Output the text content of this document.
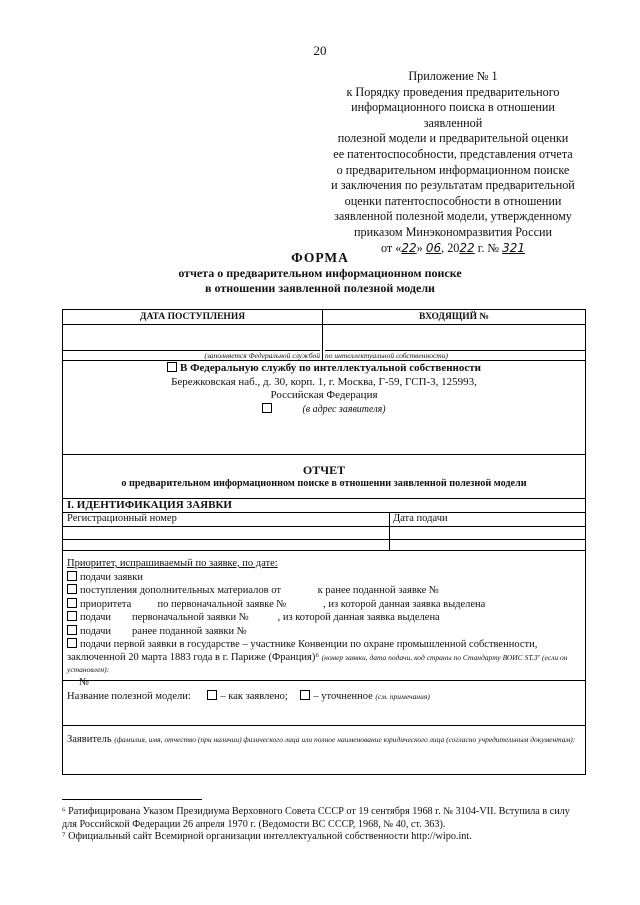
20
Приложение № 1
к Порядку проведения предварительного
информационного поиска в отношении заявленной
полезной модели и предварительной оценки
ее патентоспособности, представления отчета
о предварительном информационном поиске
и заключения по результатам предварительной
оценки патентоспособности в отношении
заявленной полезной модели, утвержденному
приказом Минэкономразвития России
от «22» 06, 2022 г. № 321
ФОРМА
отчета о предварительном информационном поиске
в отношении заявленной полезной модели
ДАТА ПОСТУПЛЕНИЯ	ВХОДЯЩИЙ №
(заполняется Федеральной службой по интеллектуальной собственности)
В Федеральную службу по интеллектуальной собственности
Бережковская наб., д. 30, корп. 1, г. Москва, Г-59, ГСП-3, 125993,
Российская Федерация
(в адрес заявителя)
ОТЧЕТ
о предварительном информационном поиске в отношении заявленной полезной модели
I. ИДЕНТИФИКАЦИЯ ЗАЯВКИ
Регистрационный номер	Дата подачи
Приоритет, испрашиваемый по заявке, по дате:
подачи заявки
поступления дополнительных материалов от              к ранее поданной заявке №
приоритета          по первоначальной заявке №              , из которой данная заявка выделена
подачи        первоначальной заявки №           , из которой данная заявка выделена
подачи        ранее поданной заявки №
подачи первой заявки в государстве – участнике Конвенции по охране промышленной собственности, заключенной 20 марта 1883 года в г. Париже (Франция)⁶ (номер заявки, дата подачи, код страны по Стандарту ВОИС ST.3⁷ (если он установлен):
№
Название полезной модели:	– как заявлено; – уточненное (см. примечания)
Заявитель (фамилия, имя, отчество (при наличии) физического лица или полное наименование юридического лица (согласно учредительным документам):
⁶ Ратифицирована Указом Президиума Верховного Совета СССР от 19 сентября 1968 г. № 3104-VII. Вступила в силу для Российской Федерации 26 апреля 1970 г. (Ведомости ВС СССР, 1968, № 40, ст. 363).
⁷ Официальный сайт Всемирной организации интеллектуальной собственности http://wipo.int.
